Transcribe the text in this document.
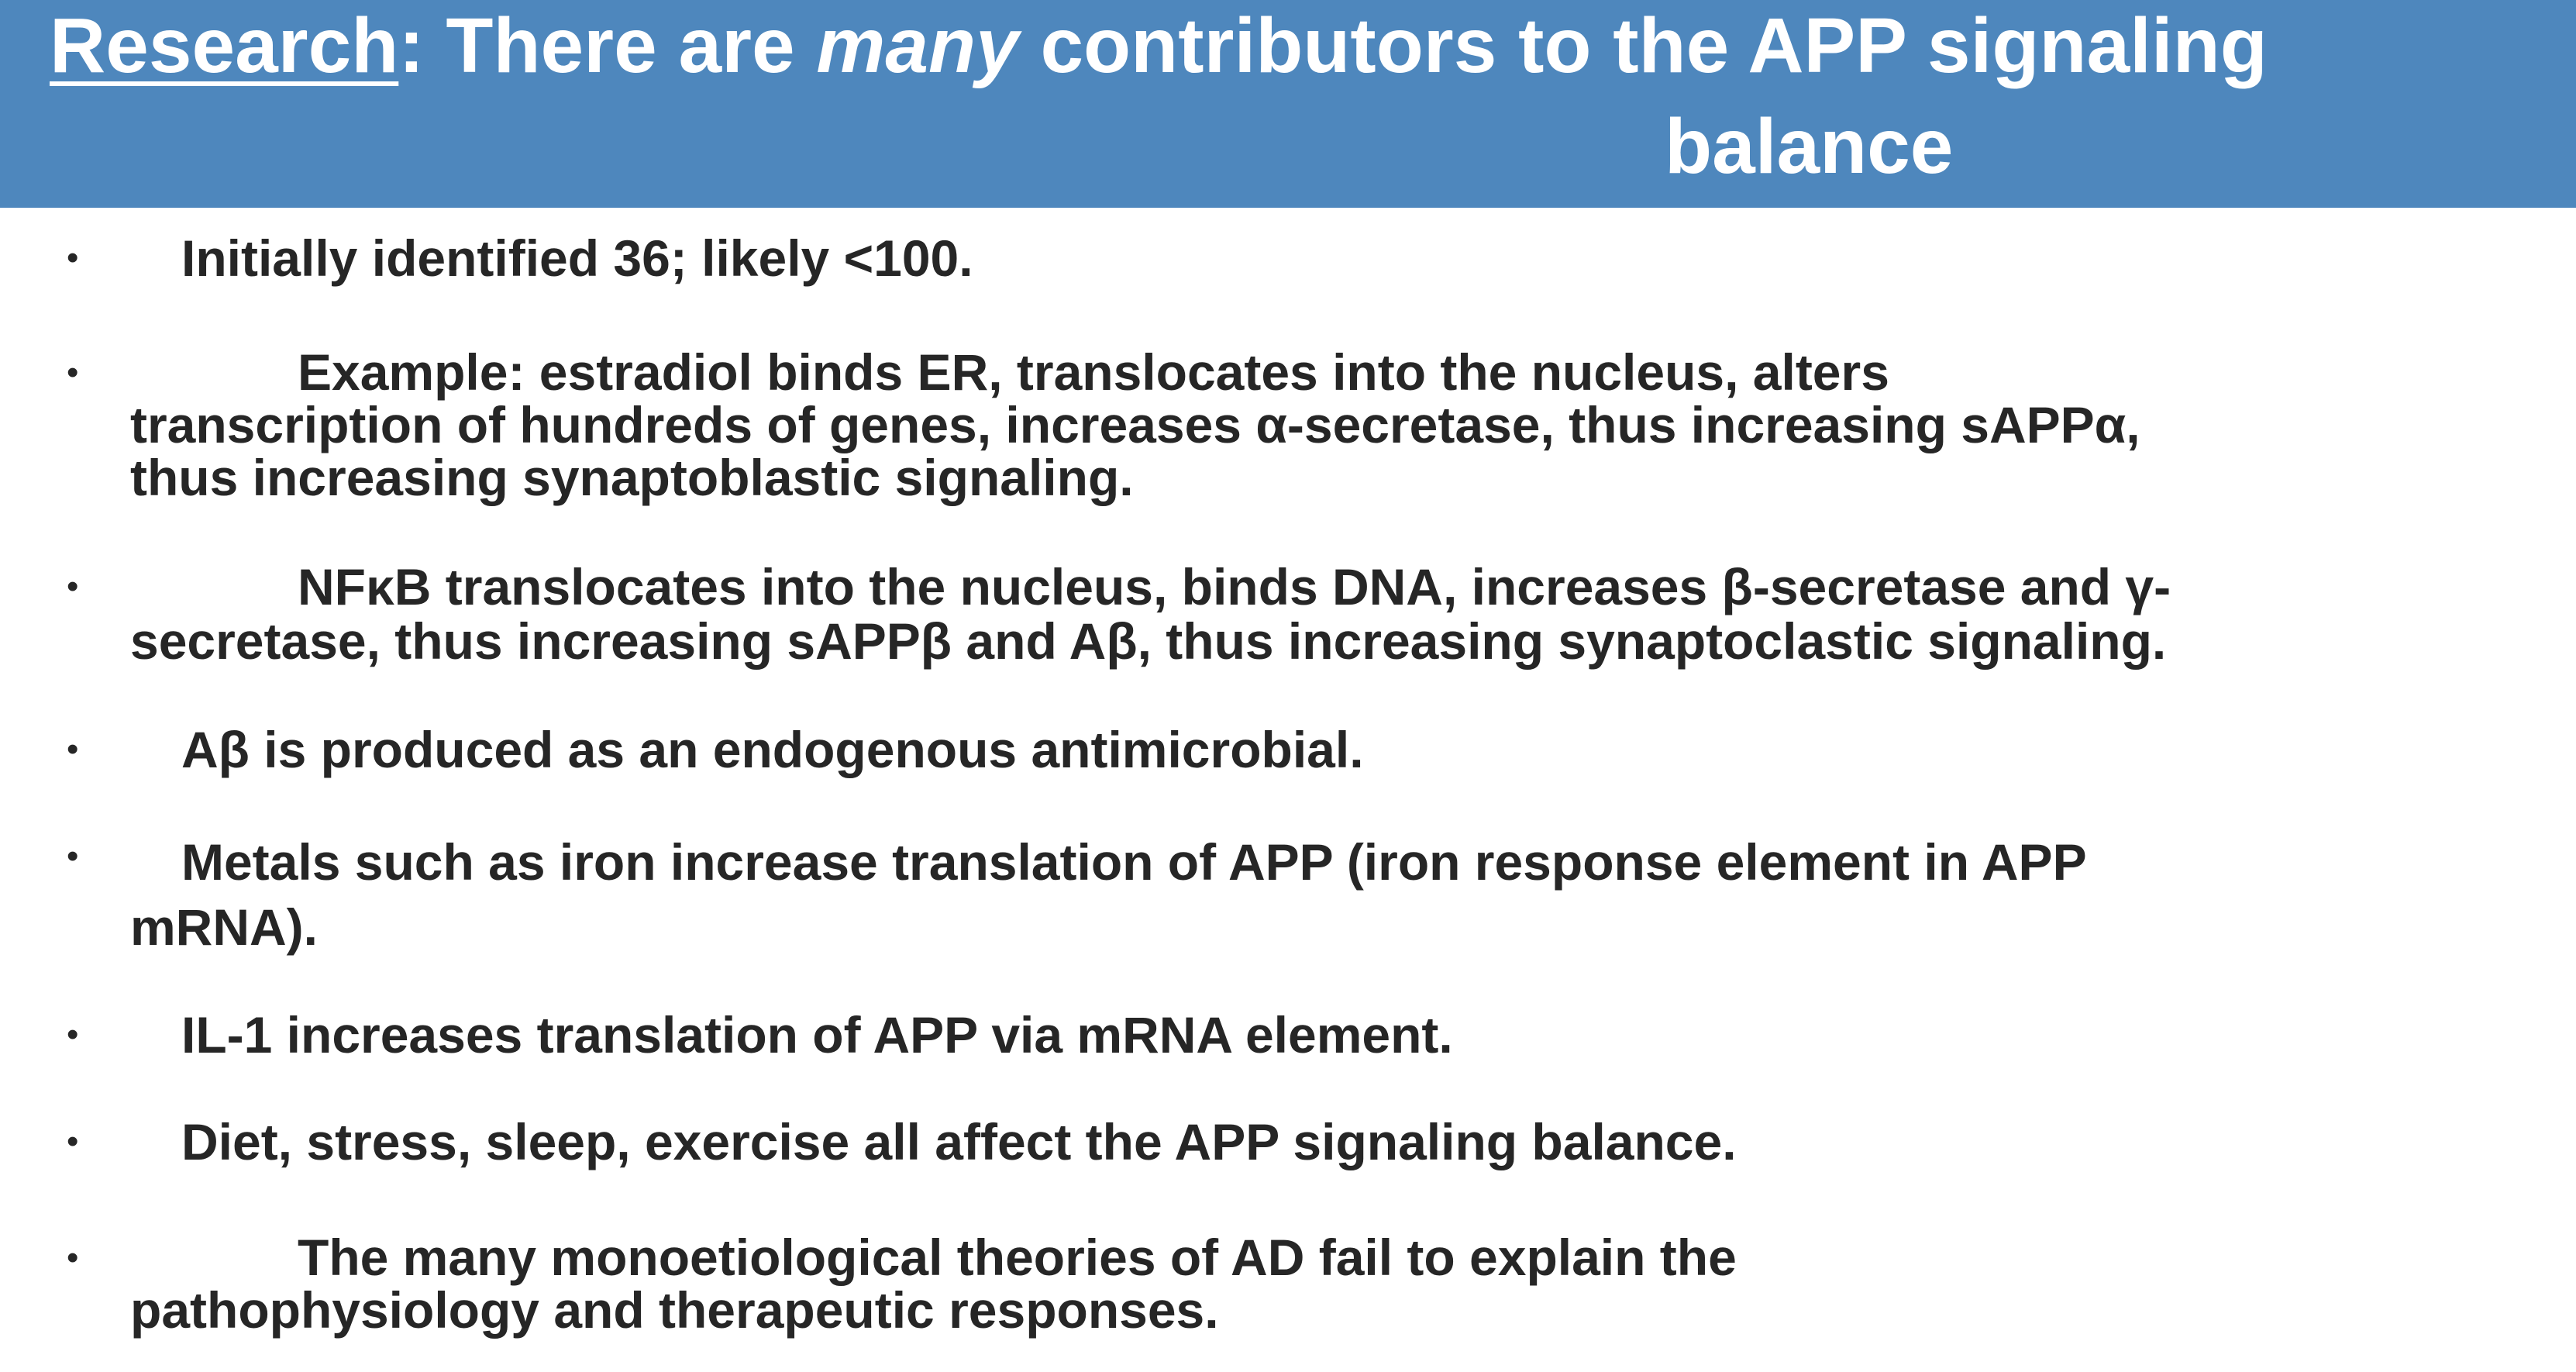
Research: There are many contributors to the APP signaling
balance
•	Initially identified 36; likely <100.
•	Example: estradiol binds ER, translocates into the nucleus, alters
transcription of hundreds of genes, increases α-secretase, thus increasing sAPPα,
thus increasing synaptoblastic signaling.
•	NFκB translocates into the nucleus, binds DNA, increases β-secretase and γ-
secretase, thus increasing sAPPβ and Aβ, thus increasing synaptoclastic signaling.
•	Aβ is produced as an endogenous antimicrobial.
•	Metals such as iron increase translation of APP (iron response element in APP
mRNA).
•	IL-1 increases translation of APP via mRNA element.
•	Diet, stress, sleep, exercise all affect the APP signaling balance.
•	The many monoetiological theories of AD fail to explain the
pathophysiology and therapeutic responses.
